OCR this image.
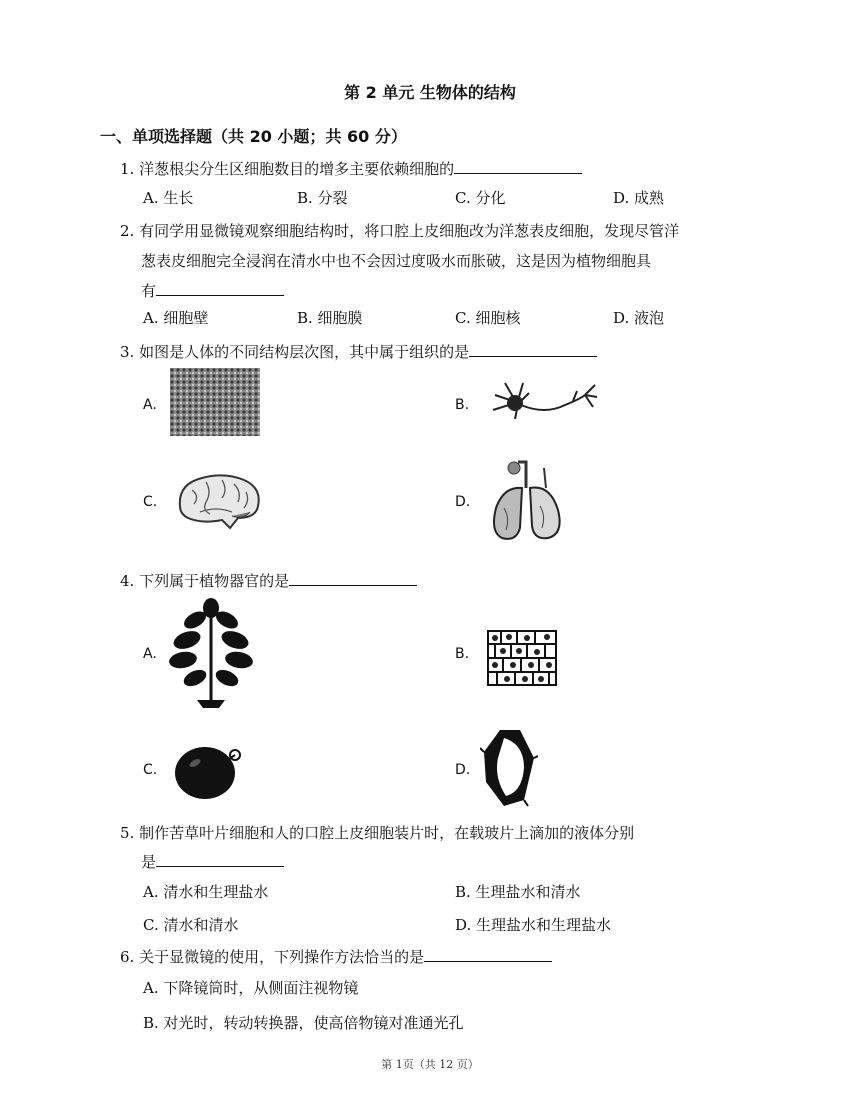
第 2 单元 生物体的结构
一、单项选择题（共 20 小题；共 60 分）
1. 洋葱根尖分生区细胞数目的增多主要依赖细胞的
A. 生长	B. 分裂	C. 分化	D. 成熟
2. 有同学用显微镜观察细胞结构时，将口腔上皮细胞改为洋葱表皮细胞，发现尽管洋
葱表皮细胞完全浸润在清水中也不会因过度吸水而胀破，这是因为植物细胞具
有
A. 细胞壁	B. 细胞膜	C. 细胞核	D. 液泡
3. 如图是人体的不同结构层次图，其中属于组织的是
A.	B.
C.	D.
4. 下列属于植物器官的是
A.	B.
C.	D.
5. 制作苦草叶片细胞和人的口腔上皮细胞装片时，在载玻片上滴加的液体分别
是
A. 清水和生理盐水	B. 生理盐水和清水
C. 清水和清水	D. 生理盐水和生理盐水
6. 关于显微镜的使用，下列操作方法恰当的是
A. 下降镜筒时，从侧面注视物镜
B. 对光时，转动转换器，使高倍物镜对准通光孔
第 1页（共 12 页）
